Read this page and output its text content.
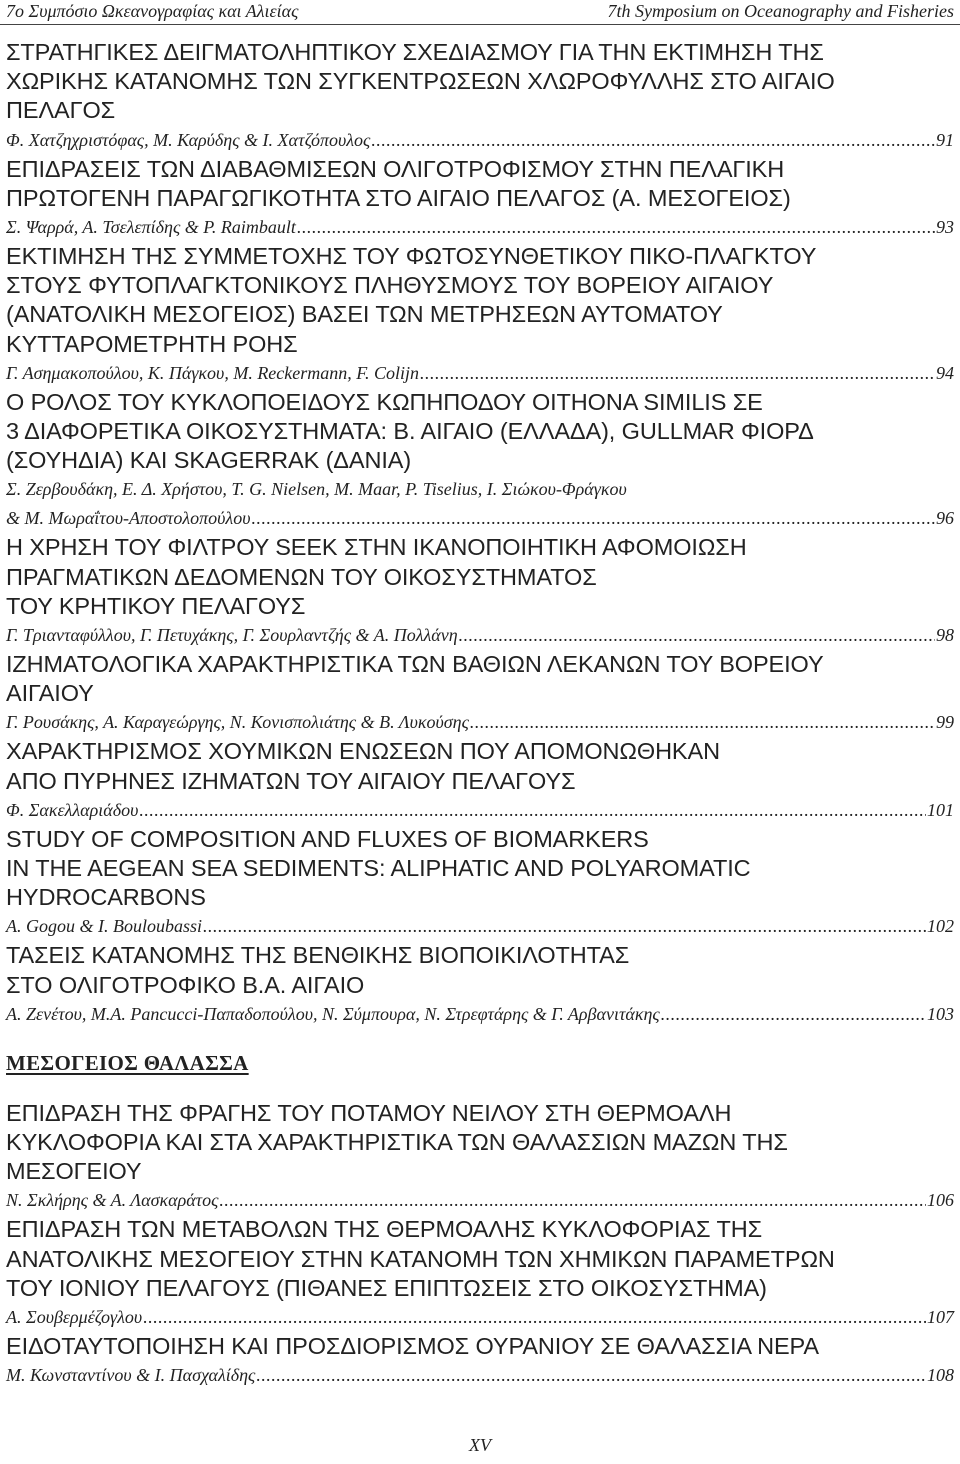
7ο Συμπόσιο Ωκεανογραφίας και Αλιείας	7th Symposium on Oceanography and Fisheries
ΣΤΡΑΤΗΓΙΚΕΣ ΔΕΙΓΜΑΤΟΛΗΠΤΙΚΟΥ ΣΧΕΔΙΑΣΜΟΥ ΓΙΑ ΤΗΝ ΕΚΤΙΜΗΣΗ ΤΗΣ
ΧΩΡΙΚΗΣ ΚΑΤΑΝΟΜΗΣ ΤΩΝ ΣΥΓΚΕΝΤΡΩΣΕΩΝ ΧΛΩΡΟΦΥΛΛΗΣ ΣΤΟ ΑΙΓΑΙΟ
ΠΕΛΑΓΟΣ
Φ. Χατζηχριστόφας, Μ. Καρύδης & Ι. Χατζόπουλος .....	91
ΕΠΙΔΡΑΣΕΙΣ ΤΩΝ ΔΙΑΒΑΘΜΙΣΕΩΝ ΟΛΙΓΟΤΡΟΦΙΣΜΟΥ ΣΤΗΝ ΠΕΛΑΓΙΚΗ
ΠΡΩΤΟΓΕΝΗ ΠΑΡΑΓΩΓΙΚΟΤΗΤΑ ΣΤΟ ΑΙΓΑΙΟ ΠΕΛΑΓΟΣ (Α. ΜΕΣΟΓΕΙΟΣ)
Σ. Ψαρρά, Α. Τσελεπίδης & P. Raimbault .....	93
ΕΚΤΙΜΗΣΗ ΤΗΣ ΣΥΜΜΕΤΟΧΗΣ ΤΟΥ ΦΩΤΟΣΥΝΘΕΤΙΚΟΥ ΠΙΚΟ-ΠΛΑΓΚΤΟΥ
ΣΤΟΥΣ ΦΥΤΟΠΛΑΓΚΤΟΝΙΚΟΥΣ ΠΛΗΘΥΣΜΟΥΣ ΤΟΥ ΒΟΡΕΙΟΥ ΑΙΓΑΙΟΥ
(ΑΝΑΤΟΛΙΚΗ ΜΕΣΟΓΕΙΟΣ) ΒΑΣΕΙ ΤΩΝ ΜΕΤΡΗΣΕΩΝ ΑΥΤΟΜΑΤΟΥ
ΚΥΤΤΑΡΟΜΕΤΡΗΤΗ ΡΟΗΣ
Γ. Ασημακοπούλου, Κ. Πάγκου, M. Reckermann, F. Colijn .....	94
Ο ΡΟΛΟΣ ΤΟΥ ΚΥΚΛΟΠΟΕΙΔΟΥΣ ΚΩΠΗΠΟΔΟΥ OITHONA SIMILIS ΣΕ
3 ΔΙΑΦΟΡΕΤΙΚΑ ΟΙΚΟΣΥΣΤΗΜΑΤΑ: Β. ΑΙΓΑΙΟ (ΕΛΛΑΔΑ), GULLMAR ΦΙΟΡΔ
(ΣΟΥΗΔΙΑ) ΚΑΙ SKAGERRAK (ΔΑΝΙΑ)
Σ. Ζερβουδάκη, Ε. Δ. Χρήστου, T. G. Nielsen, M. Maar, P. Tiselius, Ι. Σιώκου-Φράγκου
& Μ. Μωραΐτου-Αποστολοπούλου .....	96
Η ΧΡΗΣΗ ΤΟΥ ΦΙΛΤΡΟΥ SEEK ΣΤΗΝ ΙΚΑΝΟΠΟΙΗΤΙΚΗ ΑΦΟΜΟΙΩΣΗ
ΠΡΑΓΜΑΤΙΚΩΝ ΔΕΔΟΜΕΝΩΝ ΤΟΥ ΟΙΚΟΣΥΣΤΗΜΑΤΟΣ
ΤΟΥ ΚΡΗΤΙΚΟΥ ΠΕΛΑΓΟΥΣ
Γ. Τριανταφύλλου, Γ. Πετυχάκης, Γ. Σουρλαντζής & Α. Πολλάνη .....	98
ΙΖΗΜΑΤΟΛΟΓΙΚΑ ΧΑΡΑΚΤΗΡΙΣΤΙΚΑ ΤΩΝ ΒΑΘΙΩΝ ΛΕΚΑΝΩΝ ΤΟΥ ΒΟΡΕΙΟΥ
ΑΙΓΑΙΟΥ
Γ. Ρουσάκης, Α. Καραγεώργης, Ν. Κονισπολιάτης & Β. Λυκούσης .....	99
ΧΑΡΑΚΤΗΡΙΣΜΟΣ ΧΟΥΜΙΚΩΝ ΕΝΩΣΕΩΝ ΠΟΥ ΑΠΟΜΟΝΩΘΗΚΑΝ
ΑΠΟ ΠΥΡΗΝΕΣ ΙΖΗΜΑΤΩΝ ΤΟΥ ΑΙΓΑΙΟΥ ΠΕΛΑΓΟΥΣ
Φ. Σακελλαριάδου .....	101
STUDY OF COMPOSITION AND FLUXES OF BIOMARKERS
IN THE AEGEAN SEA SEDIMENTS: ALIPHATIC AND POLYAROMATIC
HYDROCARBONS
A. Gogou & I. Bouloubassi .....	102
ΤΑΣΕΙΣ ΚΑΤΑΝΟΜΗΣ ΤΗΣ ΒΕΝΘΙΚΗΣ ΒΙΟΠΟΙΚΙΛΟΤΗΤΑΣ
ΣΤΟ ΟΛΙΓΟΤΡΟΦΙΚΟ Β.Α. ΑΙΓΑΙΟ
Α. Ζενέτου, Μ.Α. Pancucci-Παπαδοπούλου, Ν. Σύμπουρα, Ν. Στρεφτάρης & Γ. Αρβανιτάκης .....	103
ΜΕΣΟΓΕΙΟΣ ΘΑΛΑΣΣΑ
ΕΠΙΔΡΑΣΗ ΤΗΣ ΦΡΑΓΗΣ ΤΟΥ ΠΟΤΑΜΟΥ ΝΕΙΛΟΥ ΣΤΗ ΘΕΡΜΟΑΛΗ
ΚΥΚΛΟΦΟΡΙΑ ΚΑΙ ΣΤΑ ΧΑΡΑΚΤΗΡΙΣΤΙΚΑ ΤΩΝ ΘΑΛΑΣΣΙΩΝ ΜΑΖΩΝ ΤΗΣ
ΜΕΣΟΓΕΙΟΥ
Ν. Σκλήρης & Α. Λασκαράτος .....	106
ΕΠΙΔΡΑΣΗ ΤΩΝ ΜΕΤΑΒΟΛΩΝ ΤΗΣ ΘΕΡΜΟΑΛΗΣ ΚΥΚΛΟΦΟΡΙΑΣ ΤΗΣ
ΑΝΑΤΟΛΙΚΗΣ ΜΕΣΟΓΕΙΟΥ ΣΤΗΝ ΚΑΤΑΝΟΜΗ ΤΩΝ ΧΗΜΙΚΩΝ ΠΑΡΑΜΕΤΡΩΝ
ΤΟΥ ΙΟΝΙΟΥ ΠΕΛΑΓΟΥΣ (ΠΙΘΑΝΕΣ ΕΠΙΠΤΩΣΕΙΣ ΣΤΟ ΟΙΚΟΣΥΣΤΗΜΑ)
Α. Σουβερμέζογλου .....	107
ΕΙΔΟΤΑΥΤΟΠΟΙΗΣΗ ΚΑΙ ΠΡΟΣΔΙΟΡΙΣΜΟΣ ΟΥΡΑΝΙΟΥ ΣΕ ΘΑΛΑΣΣΙΑ ΝΕΡΑ
Μ. Κωνσταντίνου & Ι. Πασχαλίδης .....	108
XV
